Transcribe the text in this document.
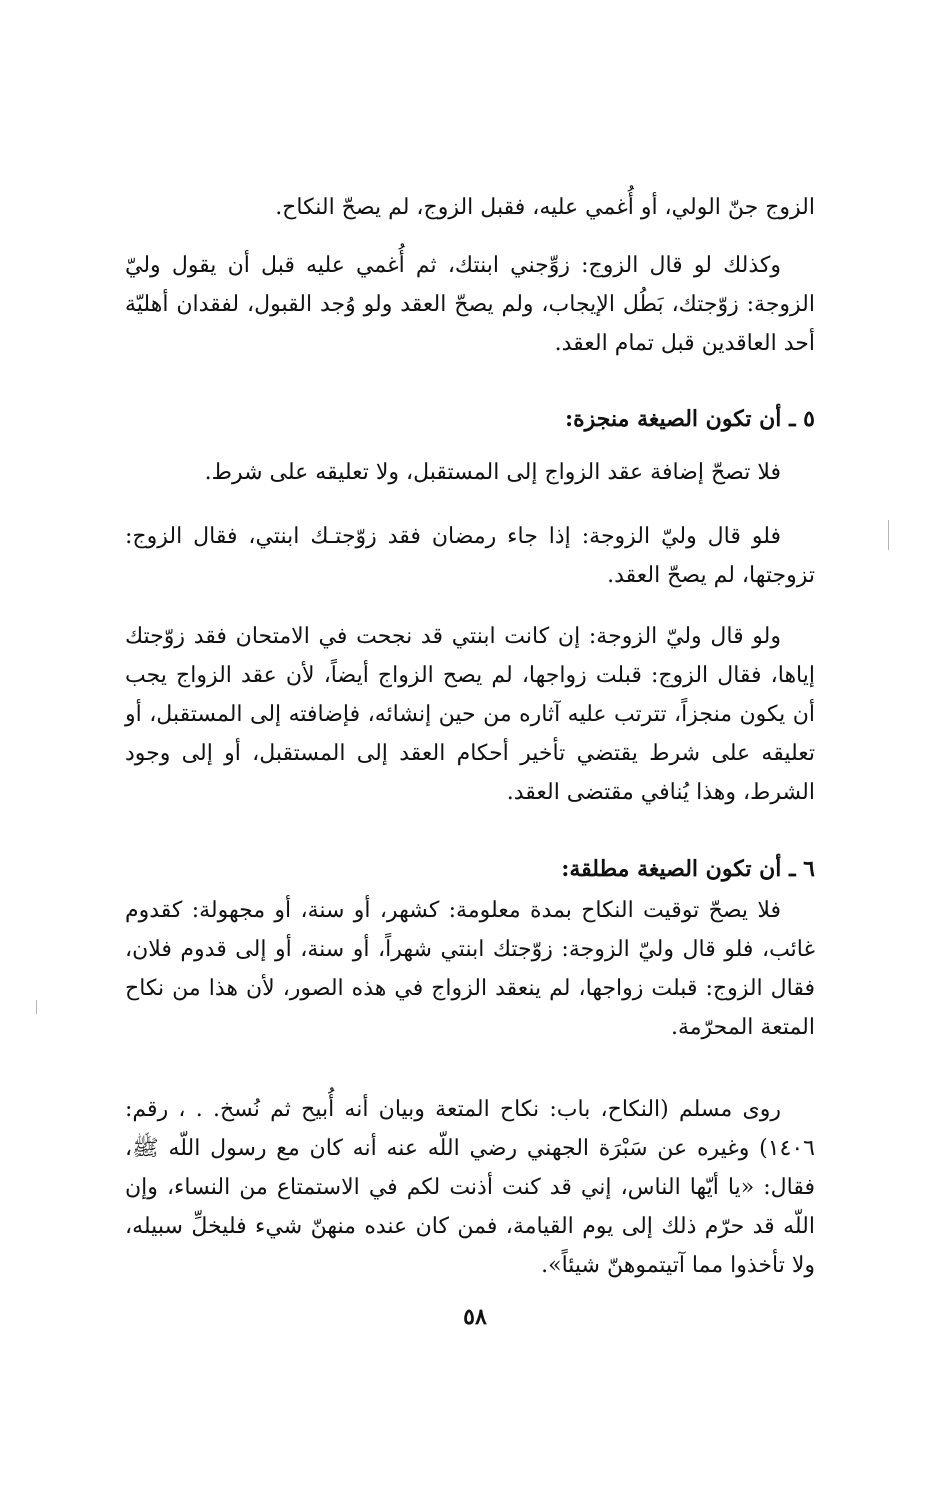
الزوج جنّ الولي، أو أُغمي عليه، فقبل الزوج، لم يصحّ النكاح.

وكذلك لو قال الزوج: زوِّجني ابنتك، ثم أُغمي عليه قبل أن يقول وليّ الزوجة: زوّجتك، بَطُل الإيجاب، ولم يصحّ العقد ولو وُجد القبول، لفقدان أهليّة أحد العاقدين قبل تمام العقد.

٥ ـ أن تكون الصيغة منجزة:

فلا تصحّ إضافة عقد الزواج إلى المستقبل، ولا تعليقه على شرط.

فلو قال وليّ الزوجة: إذا جاء رمضان فقد زوّجتـك ابنتي، فقال الزوج: تزوجتها، لم يصحّ العقد.

ولو قال وليّ الزوجة: إن كانت ابنتي قد نجحت في الامتحان فقد زوّجتك إياها، فقال الزوج: قبلت زواجها، لم يصح الزواج أيضاً، لأن عقد الزواج يجب أن يكون منجزاً، تترتب عليه آثاره من حين إنشائه، فإضافته إلى المستقبل، أو تعليقه على شرط يقتضي تأخير أحكام العقد إلى المستقبل، أو إلى وجود الشرط، وهذا يُنافي مقتضى العقد.

٦ ـ أن تكون الصيغة مطلقة:

فلا يصحّ توقيت النكاح بمدة معلومة: كشهر، أو سنة، أو مجهولة: كقدوم غائب، فلو قال وليّ الزوجة: زوّجتك ابنتي شهراً، أو سنة، أو إلى قدوم فلان، فقال الزوج: قبلت زواجها، لم ينعقد الزواج في هذه الصور، لأن هذا من نكاح المتعة المحرّمة.

روى مسلم (النكاح، باب: نكاح المتعة وبيان أنه أُبيح ثم نُسخ. . ، رقم: ١٤٠٦) وغيره عن سَبْرَة الجهني رضي اللّه عنه أنه كان مع رسول اللّه ﷺ، فقال: «يا أيّها الناس، إني قد كنت أذنت لكم في الاستمتاع من النساء، وإن اللّه قد حرّم ذلك إلى يوم القيامة، فمن كان عنده منهنّ شيء فليخلِّ سبيله، ولا تأخذوا مما آتيتموهنّ شيئاً».

٥٨
